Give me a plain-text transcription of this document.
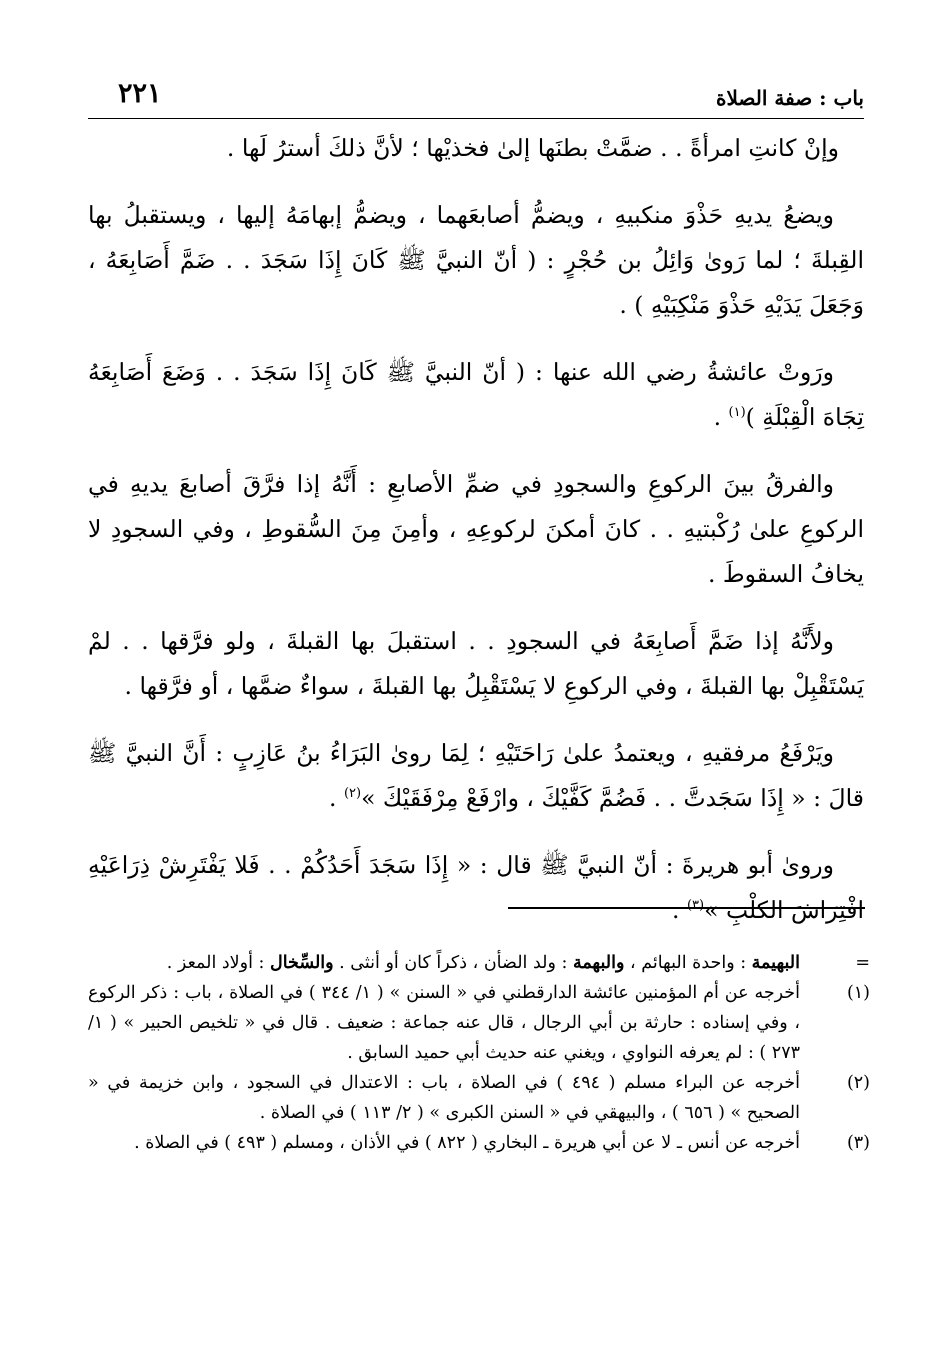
باب : صفة الصلاة
٢٢١

وإنْ كانتِ امرأةً . . ضمَّتْ بطنَها إلىٰ فخذيْها ؛ لأنَّ ذلكَ أسترُ لَها .

ويضعُ يديهِ حَذْوَ منكبيهِ ، ويضمُّ أصابعَهما ، ويضمُّ إبهامَهُ إليها ، ويستقبلُ بها القِبلةَ ؛ لما رَوىٰ وَائِلُ بن حُجْرٍ : ( أنّ النبيَّ ﷺ كَانَ إِذَا سَجَدَ . . ضَمَّ أَصَابِعَهُ ، وَجَعَلَ يَدَيْهِ حَذْوَ مَنْكِبَيْهِ ) .

ورَوتْ عائشةُ رضي الله عنها : ( أنّ النبيَّ ﷺ كَانَ إِذَا سَجَدَ . . وَضَعَ أَصَابِعَهُ تِجَاهَ الْقِبْلَةِ )$^{(١)}$ .

والفرقُ بينَ الركوعِ والسجودِ في ضمِّ الأصابعِ : أَنَّهُ إذا فرَّقَ أصابعَ يديهِ في الركوعِ علىٰ رُكْبتيهِ . . كانَ أمكنَ لركوعِهِ ، وأمِنَ مِنَ السُّقوطِ ، وفي السجودِ لا يخافُ السقوطَ .

ولأَنَّهُ إذا ضَمَّ أَصابِعَهُ في السجودِ . . استقبلَ بها القبلةَ ، ولو فرَّقها . . لمْ يَسْتَقْبِلْ بها القبلةَ ، وفي الركوعِ لا يَسْتَقْبِلُ بها القبلةَ ، سواءٌ ضمَّها ، أو فرَّقها .

ويَرْفَعُ مرفقيهِ ، ويعتمدُ علىٰ رَاحَتَيْهِ ؛ لِمَا روىٰ البَرَاءُ بنُ عَازِبٍ : أَنَّ النبيَّ ﷺ قالَ : « إِذَا سَجَدتَّ . . فَضُمَّ كَفَّيْكَ ، وارْفَعْ مِرْفَقَيْكَ »$^{(٢)}$ .

وروىٰ أبو هريرةَ : أنّ النبيَّ ﷺ قال : « إِذَا سَجَدَ أَحَدُكُمْ . . فَلا يَفْتَرِشْ ذِرَاعَيْهِ افْتِرَاشَ الكلْبِ »$^{(٣)}$ .

=
البهيمة : واحدة البهائم ، والبهمة : ولد الضأن ، ذكراً كان أو أنثى . والسِّخال : أولاد المعز .
(١)
أخرجه عن أم المؤمنين عائشة الدارقطني في « السنن » ( ١/ ٣٤٤ ) في الصلاة ، باب : ذكر الركوع ، وفي إسناده : حارثة بن أبي الرجال ، قال عنه جماعة : ضعيف . قال في « تلخيص الحبير » ( ١/ ٢٧٣ ) : لم يعرفه النواوي ، ويغني عنه حديث أبي حميد السابق .
(٢)
أخرجه عن البراء مسلم ( ٤٩٤ ) في الصلاة ، باب : الاعتدال في السجود ، وابن خزيمة في « الصحيح » ( ٦٥٦ ) ، والبيهقي في « السنن الكبرى » ( ٢/ ١١٣ ) في الصلاة .
(٣)
أخرجه عن أنس ـ لا عن أبي هريرة ـ البخاري ( ٨٢٢ ) في الأذان ، ومسلم ( ٤٩٣ ) في الصلاة .
